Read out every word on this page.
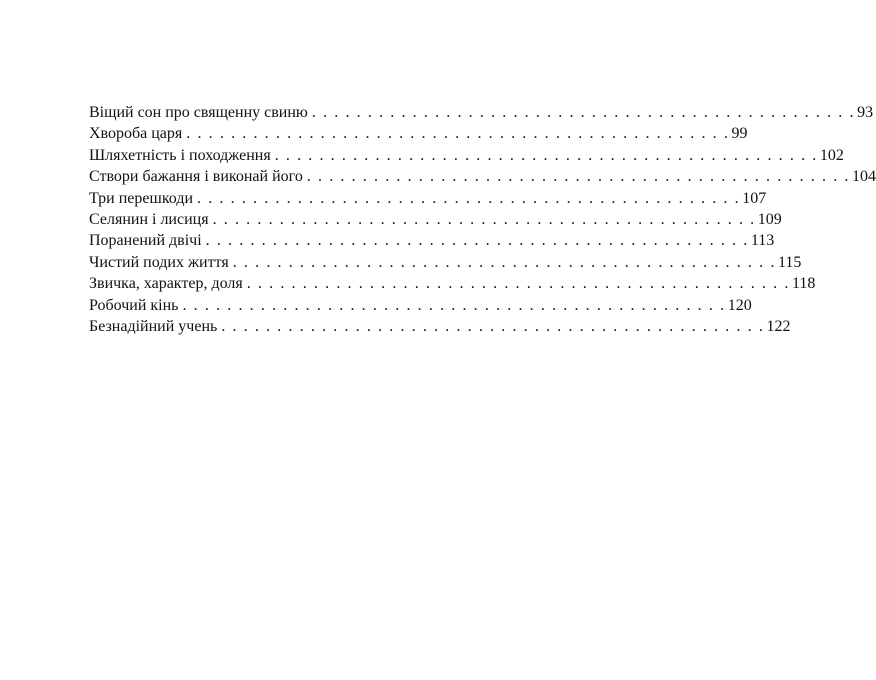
Віщий сон про священну свиню . . . . . . . . . . . . . . . . . . . . . . . . . . . . . . . . . . . . . . . . . . . . . . . . . 93
Хвороба царя . . . . . . . . . . . . . . . . . . . . . . . . . . . . . . . . . . . . . . . . . . . . . . . . . 99
Шляхетність і походження . . . . . . . . . . . . . . . . . . . . . . . . . . . . . . . . . . . . . . . . . . . . . . . . . 102
Створи бажання і виконай його . . . . . . . . . . . . . . . . . . . . . . . . . . . . . . . . . . . . . . . . . . . . . . . . . 104
Три перешкоди . . . . . . . . . . . . . . . . . . . . . . . . . . . . . . . . . . . . . . . . . . . . . . . . . 107
Селянин і лисиця . . . . . . . . . . . . . . . . . . . . . . . . . . . . . . . . . . . . . . . . . . . . . . . . . 109
Поранений двічі . . . . . . . . . . . . . . . . . . . . . . . . . . . . . . . . . . . . . . . . . . . . . . . . . 113
Чистий подих життя . . . . . . . . . . . . . . . . . . . . . . . . . . . . . . . . . . . . . . . . . . . . . . . . . 115
Звичка, характер, доля . . . . . . . . . . . . . . . . . . . . . . . . . . . . . . . . . . . . . . . . . . . . . . . . . 118
Робочий кінь . . . . . . . . . . . . . . . . . . . . . . . . . . . . . . . . . . . . . . . . . . . . . . . . . 120
Безнадійний учень . . . . . . . . . . . . . . . . . . . . . . . . . . . . . . . . . . . . . . . . . . . . . . . . . 122
